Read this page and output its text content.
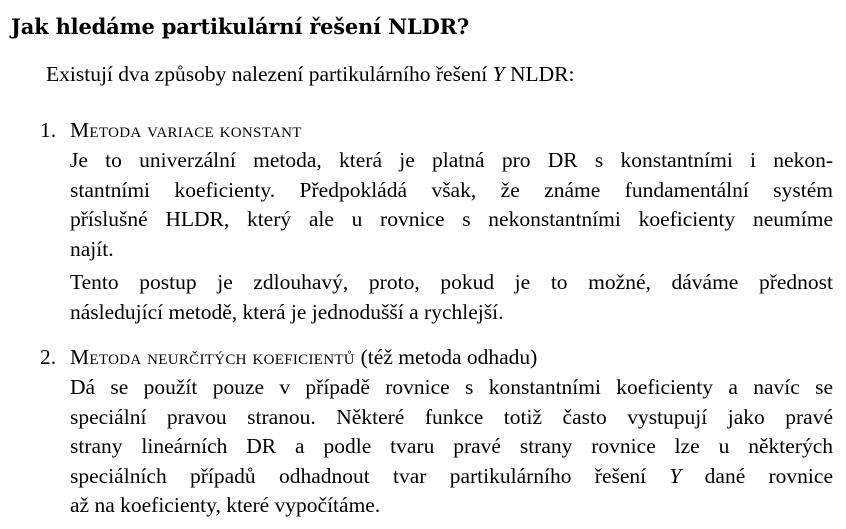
Jak hledáme partikulární řešení NLDR?
Existují dva způsoby nalezení partikulárního řešení Y NLDR:
1. Metoda variace konstant
Je to univerzální metoda, která je platná pro DR s konstantními i nekon-
stantními koeficienty. Předpokládá však, že známe fundamentální systém
příslušné HLDR, který ale u rovnice s nekonstantními koeficienty neumíme
najít.
Tento postup je zdlouhavý, proto, pokud je to možné, dáváme přednost
následující metodě, která je jednodušší a rychlejší.
2. Metoda neurčitých koeficientů (též metoda odhadu)
Dá se použít pouze v případě rovnice s konstantními koeficienty a navíc se
speciální pravou stranou. Některé funkce totiž často vystupují jako pravé
strany lineárních DR a podle tvaru pravé strany rovnice lze u některých
speciálních případů odhadnout tvar partikulárního řešení Y dané rovnice
až na koeficienty, které vypočítáme.
